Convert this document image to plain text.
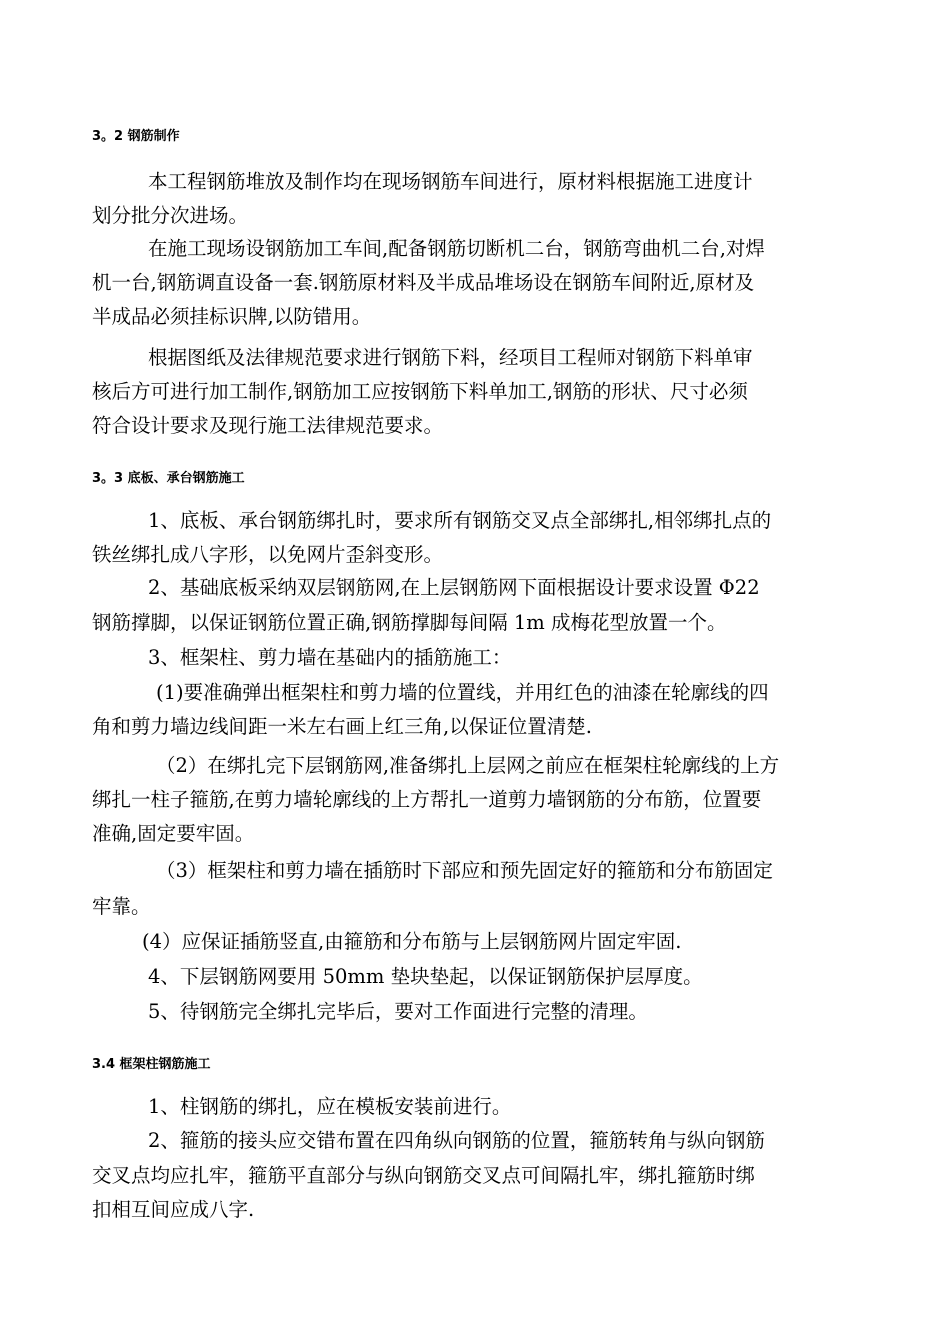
3。2 钢筋制作
本工程钢筋堆放及制作均在现场钢筋车间进行，原材料根据施工进度计
划分批分次进场。
在施工现场设钢筋加工车间,配备钢筋切断机二台，钢筋弯曲机二台,对焊
机一台,钢筋调直设备一套.钢筋原材料及半成品堆场设在钢筋车间附近,原材及
半成品必须挂标识牌,以防错用。
根据图纸及法律规范要求进行钢筋下料，经项目工程师对钢筋下料单审
核后方可进行加工制作,钢筋加工应按钢筋下料单加工,钢筋的形状、尺寸必须
符合设计要求及现行施工法律规范要求。
3。3 底板、承台钢筋施工
1、底板、承台钢筋绑扎时，要求所有钢筋交叉点全部绑扎,相邻绑扎点的
铁丝绑扎成八字形，以免网片歪斜变形。
2、基础底板采纳双层钢筋网,在上层钢筋网下面根据设计要求设置 Φ22
钢筋撑脚，以保证钢筋位置正确,钢筋撑脚每间隔 1m 成梅花型放置一个。
3、框架柱、剪力墙在基础内的插筋施工：
(1)要准确弹出框架柱和剪力墙的位置线，并用红色的油漆在轮廓线的四
角和剪力墙边线间距一米左右画上红三角,以保证位置清楚.
（2）在绑扎完下层钢筋网,准备绑扎上层网之前应在框架柱轮廓线的上方
绑扎一柱子箍筋,在剪力墙轮廓线的上方帮扎一道剪力墙钢筋的分布筋，位置要
准确,固定要牢固。
（3）框架柱和剪力墙在插筋时下部应和预先固定好的箍筋和分布筋固定
牢靠。
(4）应保证插筋竖直,由箍筋和分布筋与上层钢筋网片固定牢固.
4、下层钢筋网要用 50mm 垫块垫起，以保证钢筋保护层厚度。
5、待钢筋完全绑扎完毕后，要对工作面进行完整的清理。
3.4 框架柱钢筋施工
1、柱钢筋的绑扎，应在模板安装前进行。
2、箍筋的接头应交错布置在四角纵向钢筋的位置，箍筋转角与纵向钢筋
交叉点均应扎牢，箍筋平直部分与纵向钢筋交叉点可间隔扎牢，绑扎箍筋时绑
扣相互间应成八字.
